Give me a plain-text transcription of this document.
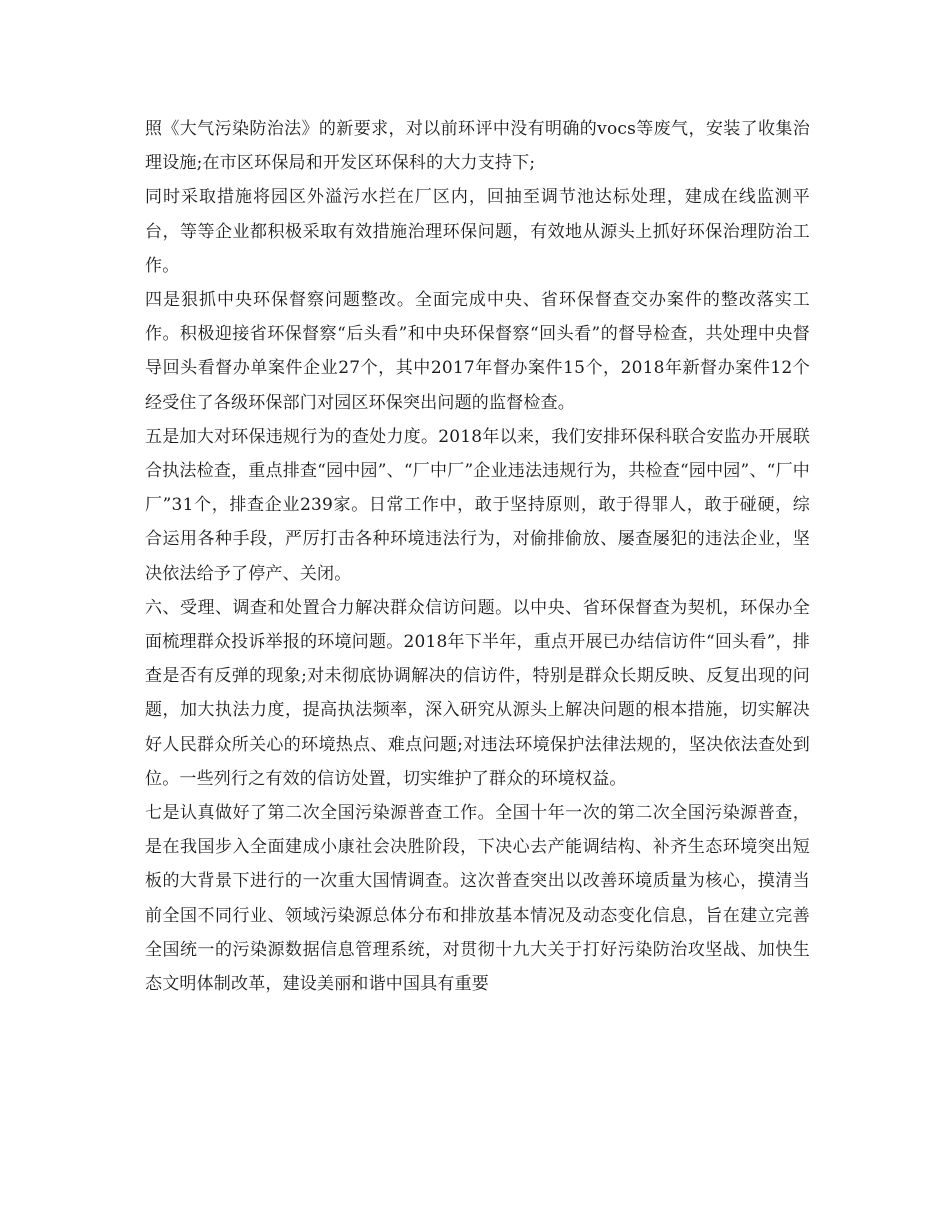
照《大气污染防治法》的新要求，对以前环评中没有明确的vocs等废气，安装了收集治理设施;在市区环保局和开发区环保科的大力支持下;

同时采取措施将园区外溢污水拦在厂区内，回抽至调节池达标处理，建成在线监测平台，等等企业都积极采取有效措施治理环保问题，有效地从源头上抓好环保治理防治工作。

四是狠抓中央环保督察问题整改。全面完成中央、省环保督查交办案件的整改落实工作。积极迎接省环保督察“后头看”和中央环保督察“回头看”的督导检查，共处理中央督导回头看督办单案件企业27个，其中2017年督办案件15个，2018年新督办案件12个经受住了各级环保部门对园区环保突出问题的监督检查。

五是加大对环保违规行为的查处力度。2018年以来，我们安排环保科联合安监办开展联合执法检查，重点排查“园中园”、“厂中厂”企业违法违规行为，共检查“园中园”、“厂中厂”31个，排查企业239家。日常工作中，敢于坚持原则，敢于得罪人，敢于碰硬，综合运用各种手段，严厉打击各种环境违法行为，对偷排偷放、屡查屡犯的违法企业，坚决依法给予了停产、关闭。

六、受理、调查和处置合力解决群众信访问题。以中央、省环保督查为契机，环保办全面梳理群众投诉举报的环境问题。2018年下半年，重点开展已办结信访件“回头看”，排查是否有反弹的现象;对未彻底协调解决的信访件，特别是群众长期反映、反复出现的问题，加大执法力度，提高执法频率，深入研究从源头上解决问题的根本措施，切实解决好人民群众所关心的环境热点、难点问题;对违法环境保护法律法规的，坚决依法查处到位。一些列行之有效的信访处置，切实维护了群众的环境权益。

七是认真做好了第二次全国污染源普查工作。全国十年一次的第二次全国污染源普查，是在我国步入全面建成小康社会决胜阶段，下决心去产能调结构、补齐生态环境突出短板的大背景下进行的一次重大国情调查。这次普查突出以改善环境质量为核心，摸清当前全国不同行业、领域污染源总体分布和排放基本情况及动态变化信息，旨在建立完善全国统一的污染源数据信息管理系统，对贯彻十九大关于打好污染防治攻坚战、加快生态文明体制改革，建设美丽和谐中国具有重要
